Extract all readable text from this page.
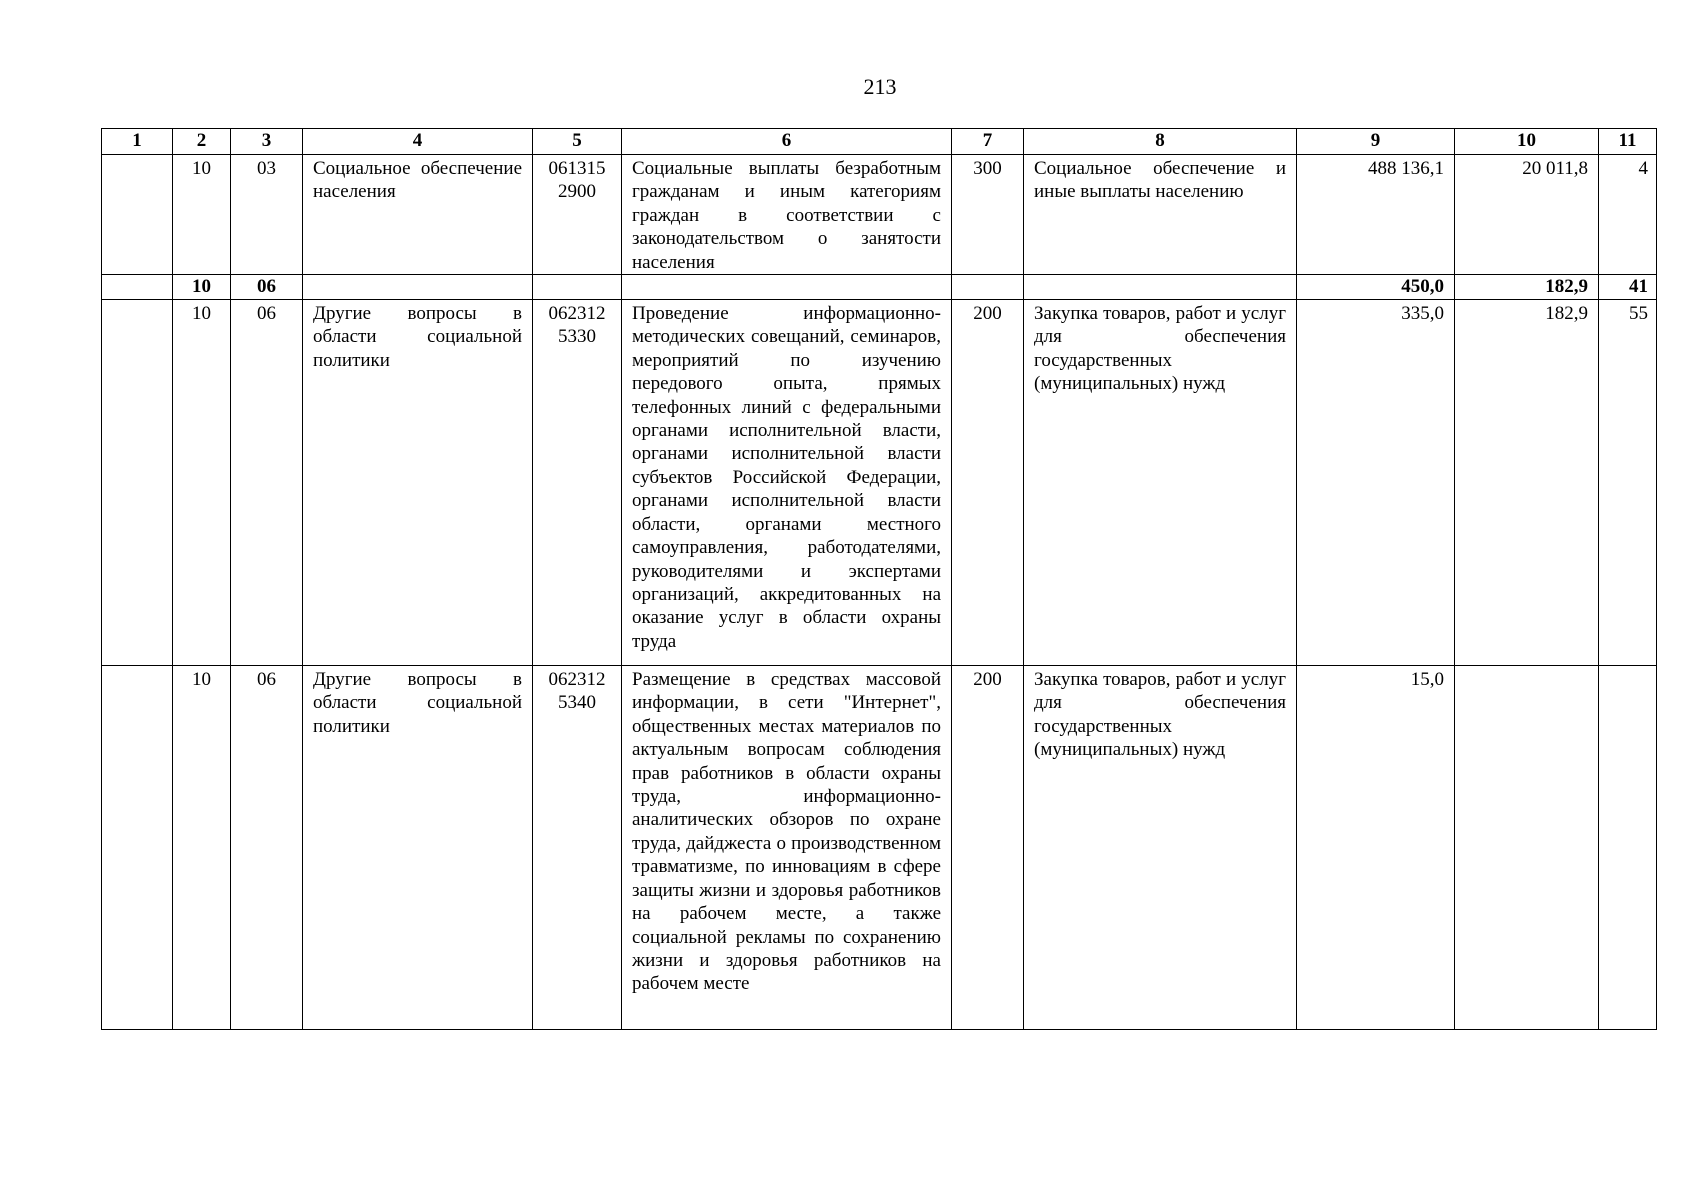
213
1	2	3	4	5	6	7	8	9	10	11
	10	03	Социальное обеспечение населения	061315 2900	Социальные выплаты безработным гражданам и иным категориям граждан в соответствии с законодательством о занятости населения	300	Социальное обеспечение и иные выплаты населению	488 136,1	20 011,8	4
	10	06						450,0	182,9	41
	10	06	Другие вопросы в области социальной политики	062312 5330	Проведение информационно-методических совещаний, семинаров, мероприятий по изучению передового опыта, прямых телефонных линий с федеральными органами исполнительной власти, органами исполнительной власти субъектов Российской Федерации, органами исполнительной власти области, органами местного самоуправления, работодателями, руководителями и экспертами организаций, аккредитованных на оказание услуг в области охраны труда	200	Закупка товаров, работ и услуг для обеспечения государственных (муниципальных) нужд	335,0	182,9	55
	10	06	Другие вопросы в области социальной политики	062312 5340	Размещение в средствах массовой информации, в сети "Интернет", общественных местах материалов по актуальным вопросам соблюдения прав работников в области охраны труда, информационно-аналитических обзоров по охране труда, дайджеста о производственном травматизме, по инновациям в сфере защиты жизни и здоровья работников на рабочем месте, а также социальной рекламы по сохранению жизни и здоровья работников на рабочем месте	200	Закупка товаров, работ и услуг для обеспечения государственных (муниципальных) нужд	15,0		
